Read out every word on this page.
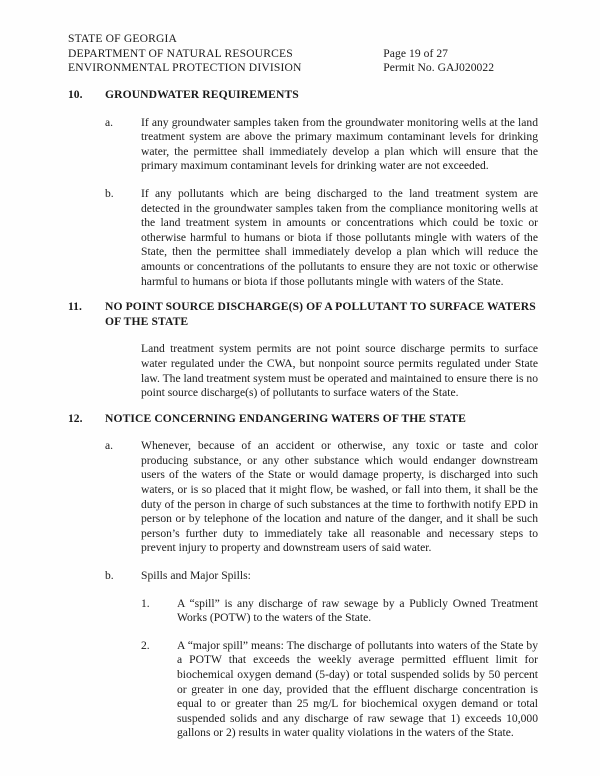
STATE OF GEORGIA
DEPARTMENT OF NATURAL RESOURCES
ENVIRONMENTAL PROTECTION DIVISION
Page 19 of 27
Permit No. GAJ020022
10.	GROUNDWATER REQUIREMENTS
a.	If any groundwater samples taken from the groundwater monitoring wells at the land treatment system are above the primary maximum contaminant levels for drinking water, the permittee shall immediately develop a plan which will ensure that the primary maximum contaminant levels for drinking water are not exceeded.
b.	If any pollutants which are being discharged to the land treatment system are detected in the groundwater samples taken from the compliance monitoring wells at the land treatment system in amounts or concentrations which could be toxic or otherwise harmful to humans or biota if those pollutants mingle with waters of the State, then the permittee shall immediately develop a plan which will reduce the amounts or concentrations of the pollutants to ensure they are not toxic or otherwise harmful to humans or biota if those pollutants mingle with waters of the State.
11.	NO POINT SOURCE DISCHARGE(S) OF A POLLUTANT TO SURFACE WATERS OF THE STATE
Land treatment system permits are not point source discharge permits to surface water regulated under the CWA, but nonpoint source permits regulated under State law. The land treatment system must be operated and maintained to ensure there is no point source discharge(s) of pollutants to surface waters of the State.
12.	NOTICE CONCERNING ENDANGERING WATERS OF THE STATE
a.	Whenever, because of an accident or otherwise, any toxic or taste and color producing substance, or any other substance which would endanger downstream users of the waters of the State or would damage property, is discharged into such waters, or is so placed that it might flow, be washed, or fall into them, it shall be the duty of the person in charge of such substances at the time to forthwith notify EPD in person or by telephone of the location and nature of the danger, and it shall be such person’s further duty to immediately take all reasonable and necessary steps to prevent injury to property and downstream users of said water.
b.	Spills and Major Spills:
1.	A “spill” is any discharge of raw sewage by a Publicly Owned Treatment Works (POTW) to the waters of the State.
2.	A “major spill” means: The discharge of pollutants into waters of the State by a POTW that exceeds the weekly average permitted effluent limit for biochemical oxygen demand (5-day) or total suspended solids by 50 percent or greater in one day, provided that the effluent discharge concentration is equal to or greater than 25 mg/L for biochemical oxygen demand or total suspended solids and any discharge of raw sewage that 1) exceeds 10,000 gallons or 2) results in water quality violations in the waters of the State.
